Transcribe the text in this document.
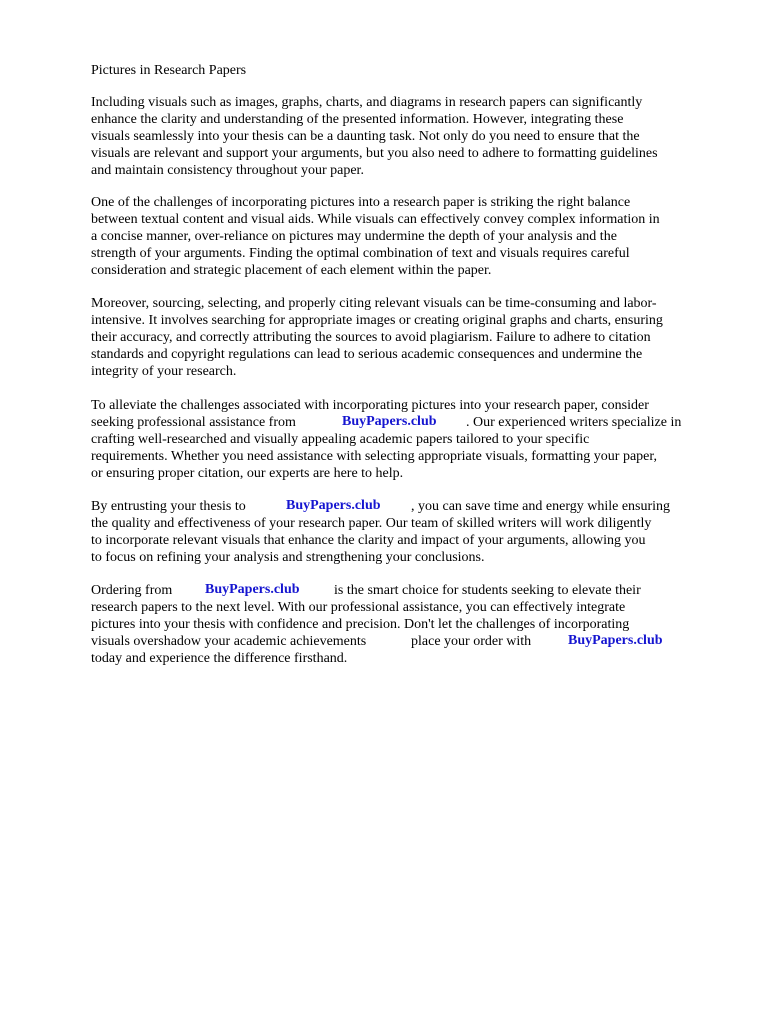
Pictures in Research Papers
Including visuals such as images, graphs, charts, and diagrams in research papers can significantly
enhance the clarity and understanding of the presented information. However, integrating these
visuals seamlessly into your thesis can be a daunting task. Not only do you need to ensure that the
visuals are relevant and support your arguments, but you also need to adhere to formatting guidelines
and maintain consistency throughout your paper.
One of the challenges of incorporating pictures into a research paper is striking the right balance
between textual content and visual aids. While visuals can effectively convey complex information in
a concise manner, over-reliance on pictures may undermine the depth of your analysis and the
strength of your arguments. Finding the optimal combination of text and visuals requires careful
consideration and strategic placement of each element within the paper.
Moreover, sourcing, selecting, and properly citing relevant visuals can be time-consuming and labor-
intensive. It involves searching for appropriate images or creating original graphs and charts, ensuring
their accuracy, and correctly attributing the sources to avoid plagiarism. Failure to adhere to citation
standards and copyright regulations can lead to serious academic consequences and undermine the
integrity of your research.
To alleviate the challenges associated with incorporating pictures into your research paper, consider
seeking professional assistance from	BuyPapers.club . Our experienced writers specialize in
crafting well-researched and visually appealing academic papers tailored to your specific
requirements. Whether you need assistance with selecting appropriate visuals, formatting your paper,
or ensuring proper citation, our experts are here to help.
By entrusting your thesis to	BuyPapers.club , you can save time and energy while ensuring
the quality and effectiveness of your research paper. Our team of skilled writers will work diligently
to incorporate relevant visuals that enhance the clarity and impact of your arguments, allowing you
to focus on refining your analysis and strengthening your conclusions.
Ordering from BuyPapers.club is the smart choice for students seeking to elevate their
research papers to the next level. With our professional assistance, you can effectively integrate
pictures into your thesis with confidence and precision. Don't let the challenges of incorporating
visuals overshadow your academic achievements	place your order with	BuyPapers.club
today and experience the difference firsthand.
